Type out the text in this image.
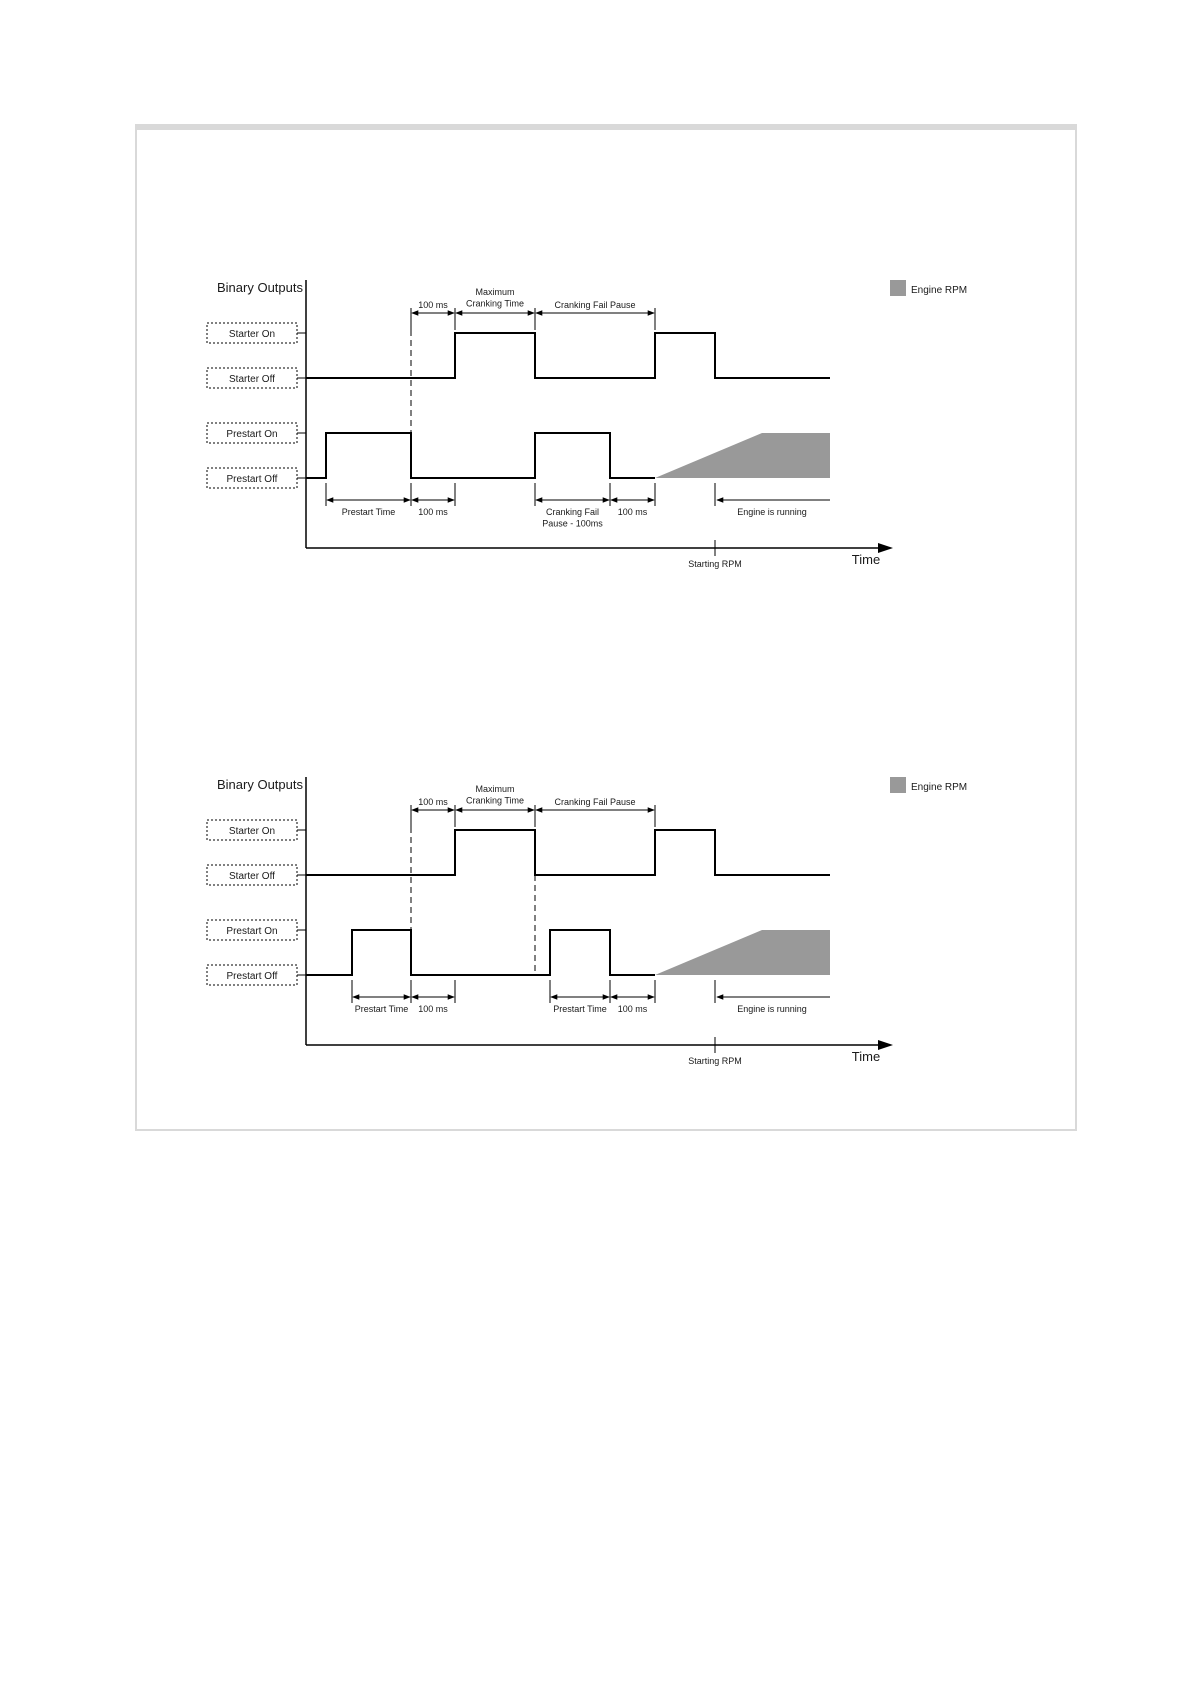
Binary Outputs	Engine RPM
Starter On
Starter Off
Prestart On
Prestart Off
Time
Starting RPM
100 ms
Maximum Cranking Time	Cranking Fail Pause
Prestart Time	100 ms	Cranking Fail Pause - 100ms
100 ms	Engine is running
Binary Outputs	Engine RPM
Starter On
Starter Off
Prestart On
Prestart Off
Time
Starting RPM
100 ms
Maximum Cranking Time	Cranking Fail Pause
Prestart Time 100 ms	Prestart Time 100 ms	Engine is running
